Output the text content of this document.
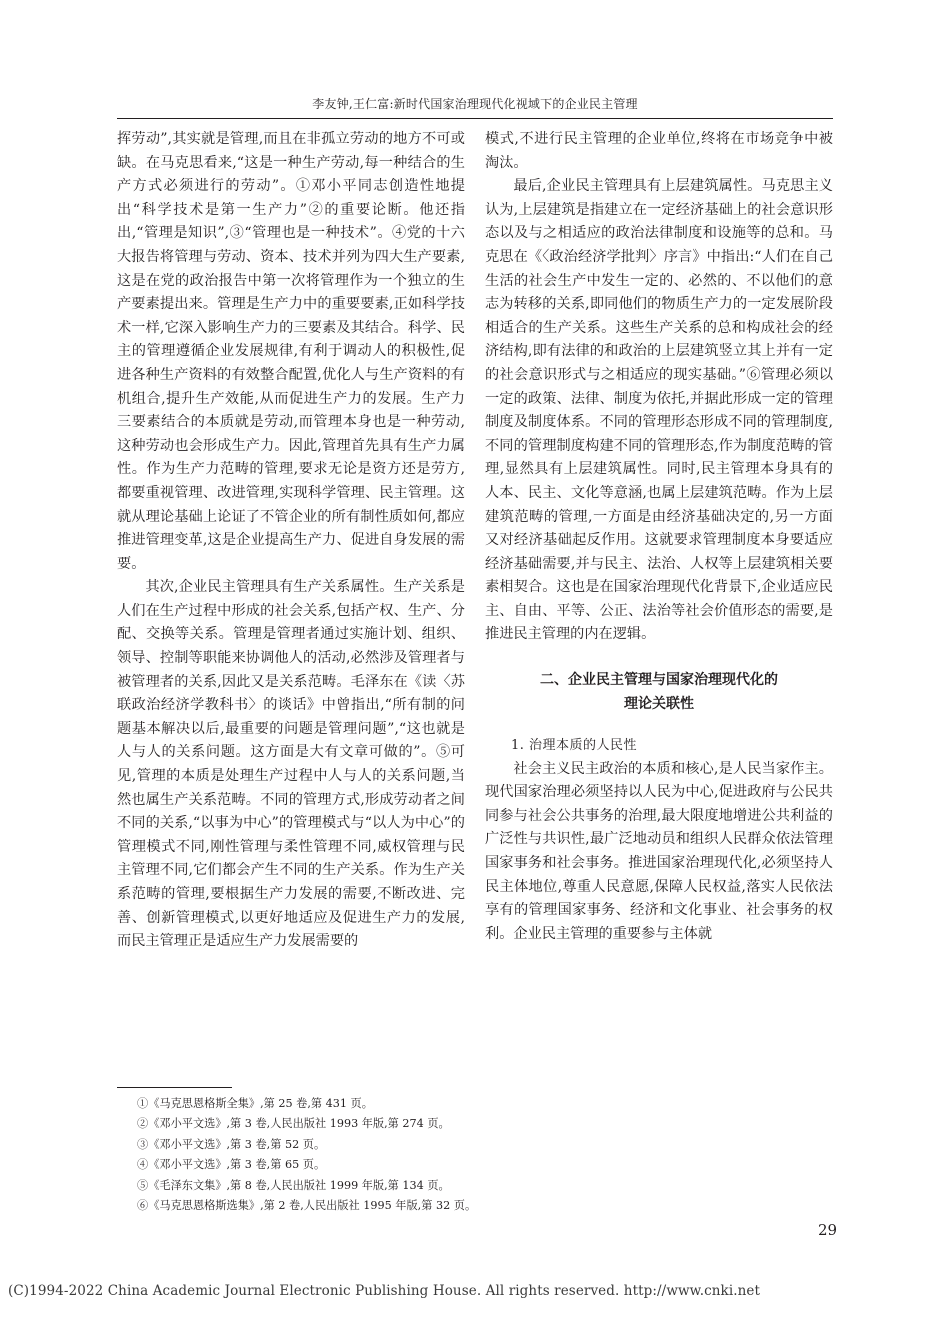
李友钟,王仁富:新时代国家治理现代化视域下的企业民主管理

挥劳动”,其实就是管理,而且在非孤立劳动的地方不可或缺。在马克思看来,“这是一种生产劳动,每一种结合的生产方式必须进行的劳动”。①邓小平同志创造性地提出“科学技术是第一生产力”②的重要论断。他还指出,“管理是知识”,③“管理也是一种技术”。④党的十六大报告将管理与劳动、资本、技术并列为四大生产要素,这是在党的政治报告中第一次将管理作为一个独立的生产要素提出来。管理是生产力中的重要要素,正如科学技术一样,它深入影响生产力的三要素及其结合。科学、民主的管理遵循企业发展规律,有利于调动人的积极性,促进各种生产资料的有效整合配置,优化人与生产资料的有机组合,提升生产效能,从而促进生产力的发展。生产力三要素结合的本质就是劳动,而管理本身也是一种劳动,这种劳动也会形成生产力。因此,管理首先具有生产力属性。作为生产力范畴的管理,要求无论是资方还是劳方,都要重视管理、改进管理,实现科学管理、民主管理。这就从理论基础上论证了不管企业的所有制性质如何,都应推进管理变革,这是企业提高生产力、促进自身发展的需要。

其次,企业民主管理具有生产关系属性。生产关系是人们在生产过程中形成的社会关系,包括产权、生产、分配、交换等关系。管理是管理者通过实施计划、组织、领导、控制等职能来协调他人的活动,必然涉及管理者与被管理者的关系,因此又是关系范畴。毛泽东在《读〈苏联政治经济学教科书〉的谈话》中曾指出,“所有制的问题基本解决以后,最重要的问题是管理问题”,“这也就是人与人的关系问题。这方面是大有文章可做的”。⑤可见,管理的本质是处理生产过程中人与人的关系问题,当然也属生产关系范畴。不同的管理方式,形成劳动者之间不同的关系,“以事为中心”的管理模式与“以人为中心”的管理模式不同,刚性管理与柔性管理不同,威权管理与民主管理不同,它们都会产生不同的生产关系。作为生产关系范畴的管理,要根据生产力发展的需要,不断改进、完善、创新管理模式,以更好地适应及促进生产力的发展,而民主管理正是适应生产力发展需要的

模式,不进行民主管理的企业单位,终将在市场竞争中被淘汰。

最后,企业民主管理具有上层建筑属性。马克思主义认为,上层建筑是指建立在一定经济基础上的社会意识形态以及与之相适应的政治法律制度和设施等的总和。马克思在《〈政治经济学批判〉序言》中指出:“人们在自己生活的社会生产中发生一定的、必然的、不以他们的意志为转移的关系,即同他们的物质生产力的一定发展阶段相适合的生产关系。这些生产关系的总和构成社会的经济结构,即有法律的和政治的上层建筑竖立其上并有一定的社会意识形式与之相适应的现实基础。”⑥管理必须以一定的政策、法律、制度为依托,并据此形成一定的管理制度及制度体系。不同的管理形态形成不同的管理制度,不同的管理制度构建不同的管理形态,作为制度范畴的管理,显然具有上层建筑属性。同时,民主管理本身具有的人本、民主、文化等意涵,也属上层建筑范畴。作为上层建筑范畴的管理,一方面是由经济基础决定的,另一方面又对经济基础起反作用。这就要求管理制度本身要适应经济基础需要,并与民主、法治、人权等上层建筑相关要素相契合。这也是在国家治理现代化背景下,企业适应民主、自由、平等、公正、法治等社会价值形态的需要,是推进民主管理的内在逻辑。

二、企业民主管理与国家治理现代化的

理论关联性

1. 治理本质的人民性

社会主义民主政治的本质和核心,是人民当家作主。现代国家治理必须坚持以人民为中心,促进政府与公民共同参与社会公共事务的治理,最大限度地增进公共利益的广泛性与共识性,最广泛地动员和组织人民群众依法管理国家事务和社会事务。推进国家治理现代化,必须坚持人民主体地位,尊重人民意愿,保障人民权益,落实人民依法享有的管理国家事务、经济和文化事业、社会事务的权利。企业民主管理的重要参与主体就

①《马克思恩格斯全集》,第 25 卷,第 431 页。
②《邓小平文选》,第 3 卷,人民出版社 1993 年版,第 274 页。
③《邓小平文选》,第 3 卷,第 52 页。
④《邓小平文选》,第 3 卷,第 65 页。
⑤《毛泽东文集》,第 8 卷,人民出版社 1999 年版,第 134 页。
⑥《马克思恩格斯选集》,第 2 卷,人民出版社 1995 年版,第 32 页。
29
(C)1994-2022 China Academic Journal Electronic Publishing House. All rights reserved. http://www.cnki.net
